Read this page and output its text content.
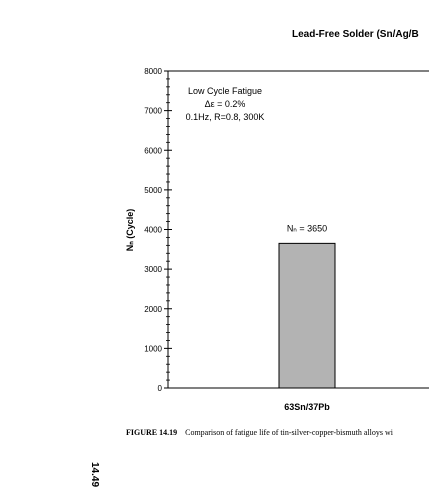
Lead-Free Solder (Sn/Ag/B
0
1000
2000
3000
4000
5000
6000
7000
8000
Nₙ = 3650
63Sn/37Pb
Nₙ (Cycle)
Low Cycle Fatigue
Δε = 0.2%
0.1Hz, R=0.8, 300K
FIGURE 14.19 Comparison of fatigue life of tin-silver-copper-bismuth alloys wi
14.49
